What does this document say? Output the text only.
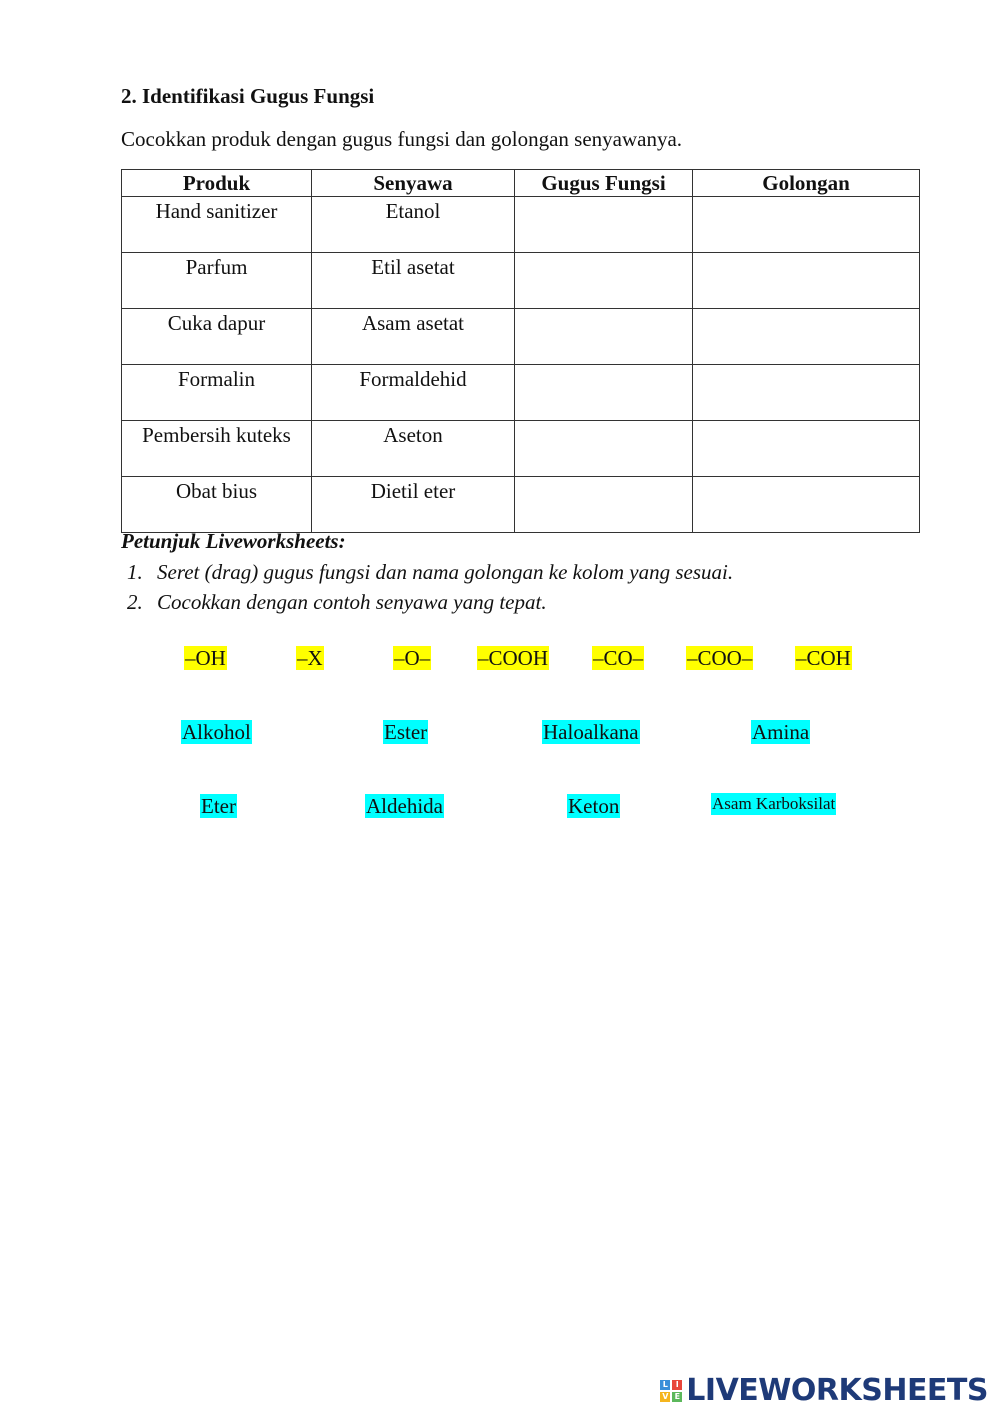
2. Identifikasi Gugus Fungsi

Cocokkan produk dengan gugus fungsi dan golongan senyawanya.

Produk	Senyawa	Gugus Fungsi	Golongan
Hand sanitizer	Etanol		
Parfum	Etil asetat		
Cuka dapur	Asam asetat		
Formalin	Formaldehid		
Pembersih kuteks	Aseton		
Obat bius	Dietil eter		

Petunjuk Liveworksheets:

1. Seret (drag) gugus fungsi dan nama golongan ke kolom yang sesuai.
2. Cocokkan dengan contoh senyawa yang tepat.
–OH	–X	–O– –COOH –CO– –COO– –COH
Alkohol	Ester	Haloalkana	Amina
Eter	Aldehida	Keton	Asam Karboksilat
L I
V E LIVEWORKSHEETS
